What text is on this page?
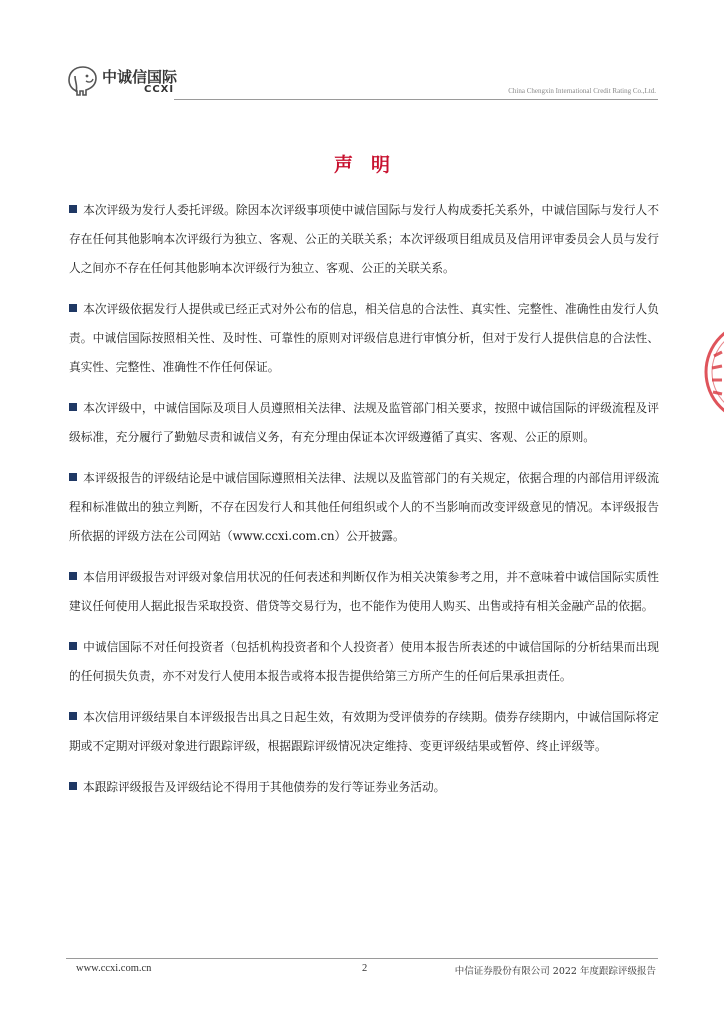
中诚信国际
CCXI	China Chengxin International Credit Rating Co.,Ltd.
声明

本次评级为发行人委托评级。除因本次评级事项使中诚信国际与发行人构成委托关系外，中诚信国际与发行人不存在任何其他影响本次评级行为独立、客观、公正的关联关系；本次评级项目组成员及信用评审委员会人员与发行人之间亦不存在任何其他影响本次评级行为独立、客观、公正的关联关系。

本次评级依据发行人提供或已经正式对外公布的信息，相关信息的合法性、真实性、完整性、准确性由发行人负责。中诚信国际按照相关性、及时性、可靠性的原则对评级信息进行审慎分析，但对于发行人提供信息的合法性、真实性、完整性、准确性不作任何保证。

本次评级中，中诚信国际及项目人员遵照相关法律、法规及监管部门相关要求，按照中诚信国际的评级流程及评级标准，充分履行了勤勉尽责和诚信义务，有充分理由保证本次评级遵循了真实、客观、公正的原则。

本评级报告的评级结论是中诚信国际遵照相关法律、法规以及监管部门的有关规定，依据合理的内部信用评级流程和标准做出的独立判断，不存在因发行人和其他任何组织或个人的不当影响而改变评级意见的情况。本评级报告所依据的评级方法在公司网站（www.ccxi.com.cn）公开披露。

本信用评级报告对评级对象信用状况的任何表述和判断仅作为相关决策参考之用，并不意味着中诚信国际实质性建议任何使用人据此报告采取投资、借贷等交易行为，也不能作为使用人购买、出售或持有相关金融产品的依据。

中诚信国际不对任何投资者（包括机构投资者和个人投资者）使用本报告所表述的中诚信国际的分析结果而出现的任何损失负责，亦不对发行人使用本报告或将本报告提供给第三方所产生的任何后果承担责任。

本次信用评级结果自本评级报告出具之日起生效，有效期为受评债券的存续期。债券存续期内，中诚信国际将定期或不定期对评级对象进行跟踪评级，根据跟踪评级情况决定维持、变更评级结果或暂停、终止评级等。

本跟踪评级报告及评级结论不得用于其他债券的发行等证券业务活动。

www.ccxi.com.cn	2	中信证券股份有限公司 2022 年度跟踪评级报告
